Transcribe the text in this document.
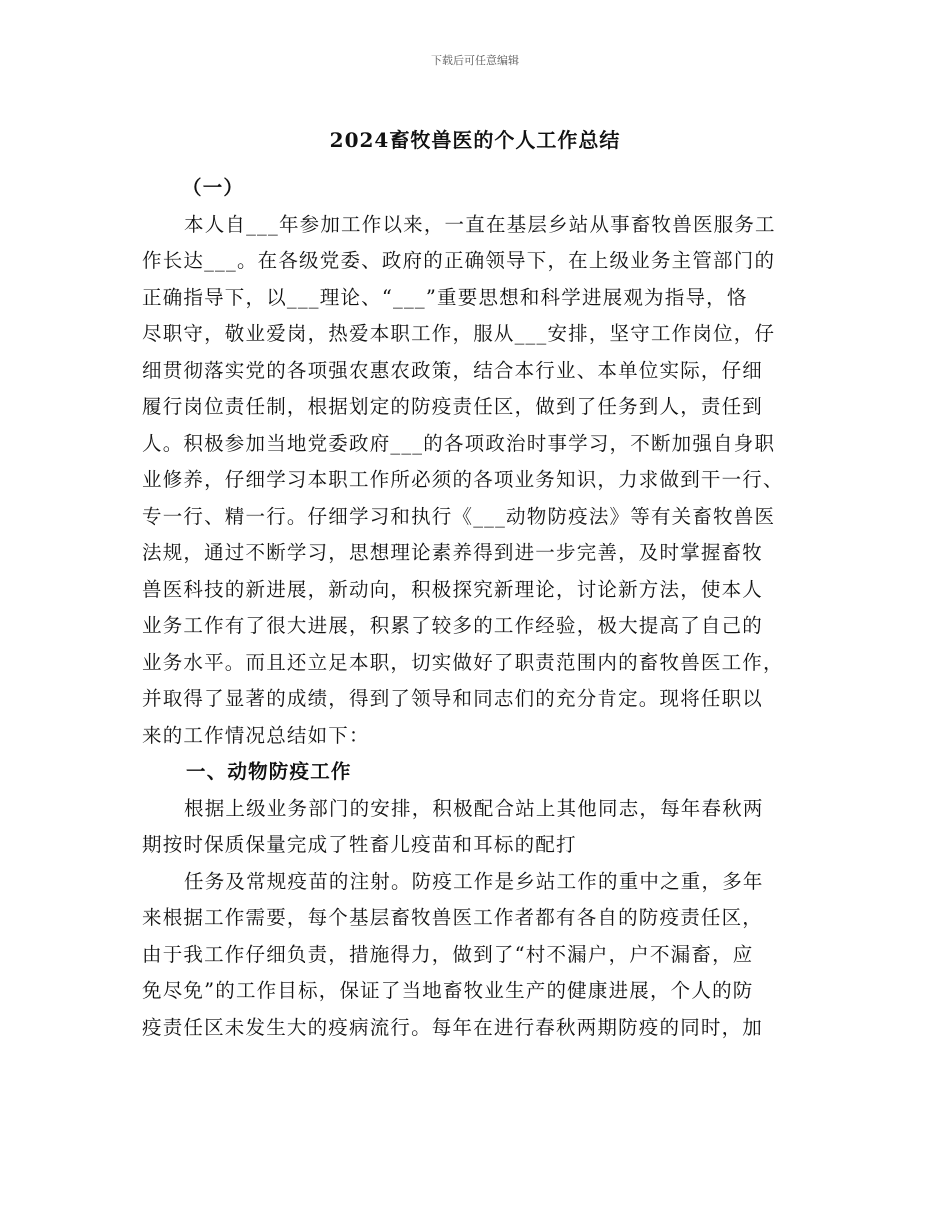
下载后可任意编辑
2024畜牧兽医的个人工作总结
（一）
本人自___年参加工作以来，一直在基层乡站从事畜牧兽医服务工
作长达___。在各级党委、政府的正确领导下，在上级业务主管部门的
正确指导下，以___理论、“___”重要思想和科学进展观为指导，恪
尽职守，敬业爱岗，热爱本职工作，服从___安排，坚守工作岗位，仔
细贯彻落实党的各项强农惠农政策，结合本行业、本单位实际，仔细
履行岗位责任制，根据划定的防疫责任区，做到了任务到人，责任到
人。积极参加当地党委政府___的各项政治时事学习，不断加强自身职
业修养，仔细学习本职工作所必须的各项业务知识，力求做到干一行、
专一行、精一行。仔细学习和执行《___动物防疫法》等有关畜牧兽医
法规，通过不断学习，思想理论素养得到进一步完善，及时掌握畜牧
兽医科技的新进展，新动向，积极探究新理论，讨论新方法，使本人
业务工作有了很大进展，积累了较多的工作经验，极大提高了自己的
业务水平。而且还立足本职，切实做好了职责范围内的畜牧兽医工作，
并取得了显著的成绩，得到了领导和同志们的充分肯定。现将任职以
来的工作情况总结如下：
一、动物防疫工作
根据上级业务部门的安排，积极配合站上其他同志，每年春秋两
期按时保质保量完成了牲畜儿疫苗和耳标的配打
任务及常规疫苗的注射。防疫工作是乡站工作的重中之重，多年
来根据工作需要，每个基层畜牧兽医工作者都有各自的防疫责任区，
由于我工作仔细负责，措施得力，做到了“村不漏户，户不漏畜，应
免尽免”的工作目标，保证了当地畜牧业生产的健康进展，个人的防
疫责任区未发生大的疫病流行。每年在进行春秋两期防疫的同时，加
